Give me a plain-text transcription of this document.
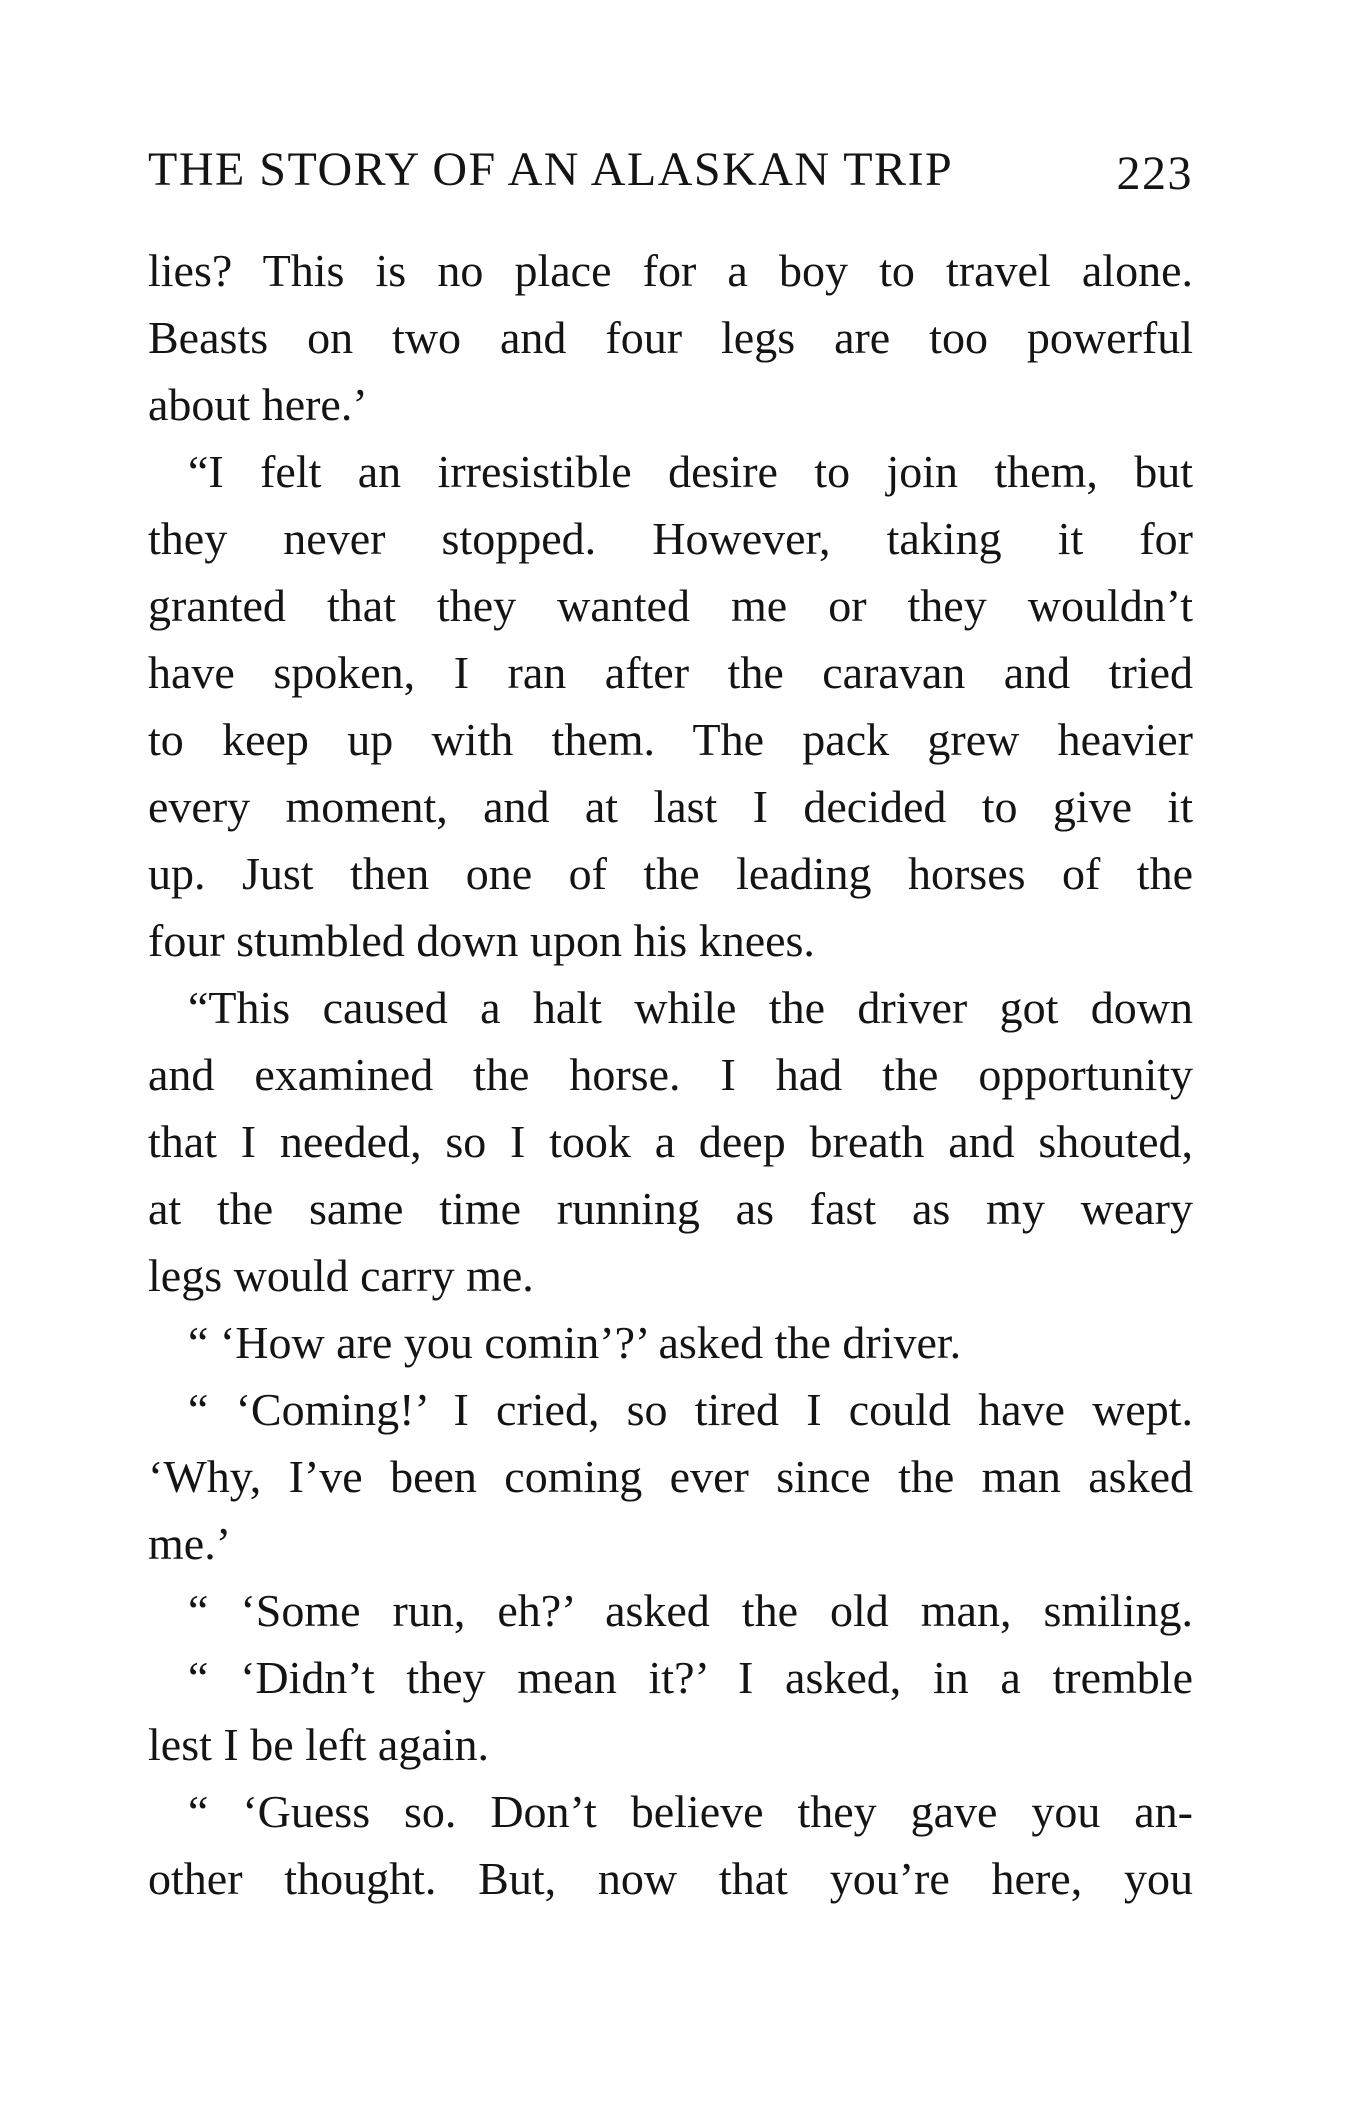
THE STORY OF AN ALASKAN TRIP	223
lies? This is no place for a boy to travel alone.
Beasts on two and four legs are too powerful
about here.’
“I felt an irresistible desire to join them, but
they never stopped. However, taking it for
granted that they wanted me or they wouldn’t
have spoken, I ran after the caravan and tried
to keep up with them. The pack grew heavier
every moment, and at last I decided to give it
up. Just then one of the leading horses of the
four stumbled down upon his knees.
“This caused a halt while the driver got down
and examined the horse. I had the opportunity
that I needed, so I took a deep breath and shouted,
at the same time running as fast as my weary
legs would carry me.
“ ‘How are you comin’?’ asked the driver.
“ ‘Coming!’ I cried, so tired I could have wept.
‘Why, I’ve been coming ever since the man asked
me.’
“ ‘Some run, eh?’ asked the old man, smiling.
“ ‘Didn’t they mean it?’ I asked, in a tremble
lest I be left again.
“ ‘Guess so. Don’t believe they gave you an-
other thought. But, now that you’re here, you
